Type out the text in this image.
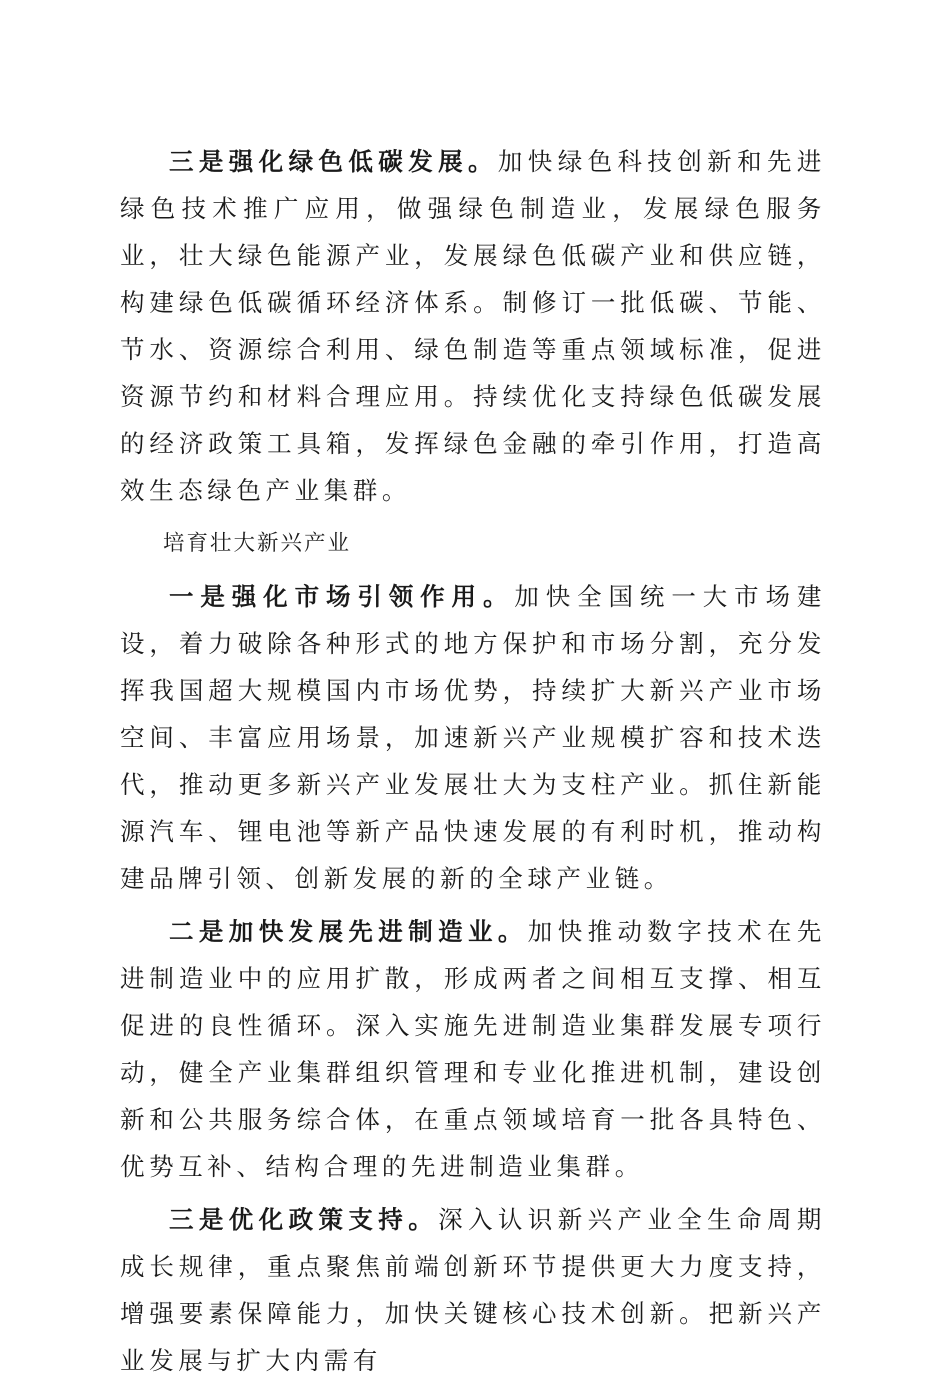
三是强化绿色低碳发展。加快绿色科技创新和先进绿色技术推广应用，做强绿色制造业，发展绿色服务业，壮大绿色能源产业，发展绿色低碳产业和供应链，构建绿色低碳循环经济体系。制修订一批低碳、节能、节水、资源综合利用、绿色制造等重点领域标准，促进资源节约和材料合理应用。持续优化支持绿色低碳发展的经济政策工具箱，发挥绿色金融的牵引作用，打造高效生态绿色产业集群。

培育壮大新兴产业

一是强化市场引领作用。加快全国统一大市场建设，着力破除各种形式的地方保护和市场分割，充分发挥我国超大规模国内市场优势，持续扩大新兴产业市场空间、丰富应用场景，加速新兴产业规模扩容和技术迭代，推动更多新兴产业发展壮大为支柱产业。抓住新能源汽车、锂电池等新产品快速发展的有利时机，推动构建品牌引领、创新发展的新的全球产业链。

二是加快发展先进制造业。加快推动数字技术在先进制造业中的应用扩散，形成两者之间相互支撑、相互促进的良性循环。深入实施先进制造业集群发展专项行动，健全产业集群组织管理和专业化推进机制，建设创新和公共服务综合体，在重点领域培育一批各具特色、优势互补、结构合理的先进制造业集群。

三是优化政策支持。深入认识新兴产业全生命周期成长规律，重点聚焦前端创新环节提供更大力度支持，增强要素保障能力，加快关键核心技术创新。把新兴产业发展与扩大内需有
